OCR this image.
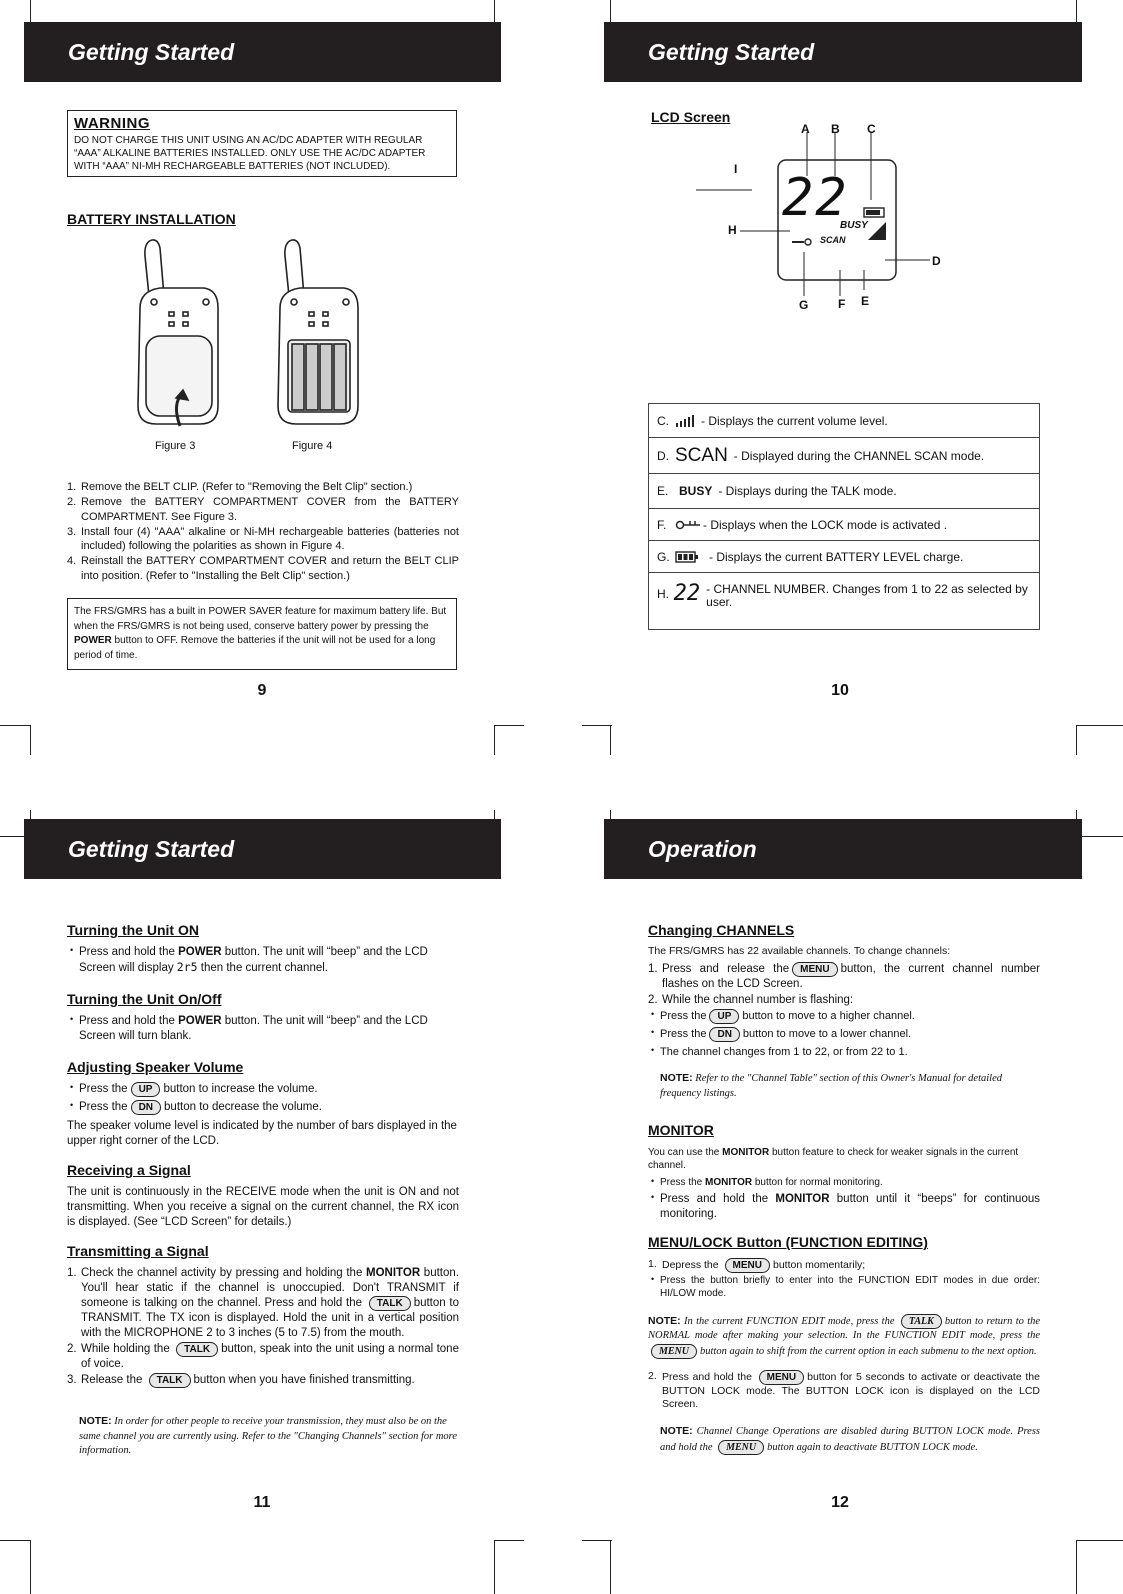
Getting Started
WARNING
DO NOT CHARGE THIS UNIT USING AN AC/DC ADAPTER WITH REGULAR “AAA” ALKALINE BATTERIES INSTALLED. ONLY USE THE AC/DC ADAPTER WITH “AAA” NI-MH RECHARGEABLE BATTERIES (NOT INCLUDED).
BATTERY INSTALLATION
Figure 3	Figure 4
1. Remove the BELT CLIP. (Refer to "Removing the Belt Clip" section.)
2. Remove the BATTERY COMPARTMENT COVER from the BATTERY COMPARTMENT. See Figure 3.
3. Install four (4) "AAA" alkaline or Ni-MH rechargeable batteries (batteries not included) following the polarities as shown in Figure 4.
4. Reinstall the BATTERY COMPARTMENT COVER and return the BELT CLIP into position. (Refer to "Installing the Belt Clip" section.)
The FRS/GMRS has a built in POWER SAVER feature for maximum battery life. But when the FRS/GMRS is not being used, conserve battery power by pressing the POWER button to OFF. Remove the batteries if the unit will not be used for a long period of time.
9
Getting Started
LCD Screen
22
BUSY
SCAN
A B C
I
H
D
G F E
C.	- Displays the current volume level.
D. SCAN - Displayed during the CHANNEL SCAN mode.
E. BUSY - Displays during the TALK mode.
F.	- Displays when the LOCK mode is activated .
G.	- Displays the current BATTERY LEVEL charge.
H. 22 - CHANNEL NUMBER. Changes from 1 to 22 as selected by user.
10
Getting Started
Turning the Unit ON
• Press and hold the POWER button. The unit will “beep” and the LCD Screen will display 2r5 then the current channel.
Turning the Unit On/Off
• Press and hold the POWER button. The unit will “beep” and the LCD Screen will turn blank.
Adjusting Speaker Volume
• Press the UP button to increase the volume.
• Press the DN button to decrease the volume.

The speaker volume level is indicated by the number of bars displayed in the upper right corner of the LCD.

Receiving a Signal

The unit is continuously in the RECEIVE mode when the unit is ON and not transmitting. When you receive a signal on the current channel, the RX icon is displayed. (See “LCD Screen” for details.)

Transmitting a Signal
1. Check the channel activity by pressing and holding the MONITOR button. You'll hear static if the channel is unoccupied. Don't TRANSMIT if someone is talking on the channel. Press and hold the TALK button to TRANSMIT. The TX icon is displayed. Hold the unit in a vertical position with the MICROPHONE 2 to 3 inches (5 to 7.5) from the mouth.
2. While holding the TALK button, speak into the unit using a normal tone of voice.
3. Release the TALK button when you have finished transmitting.
NOTE: In order for other people to receive your transmission, they must also be on the same channel you are currently using. Refer to the "Changing Channels" section for more information.
11
Operation
Changing CHANNELS

The FRS/GMRS has 22 available channels. To change channels:

1. Press and release the MENU button, the current channel number flashes on the LCD Screen.
2. While the channel number is flashing:
• Press the UP button to move to a higher channel.
• Press the DN button to move to a lower channel.
• The channel changes from 1 to 22, or from 22 to 1.
NOTE: Refer to the "Channel Table" section of this Owner's Manual for detailed frequency listings.
MONITOR

You can use the MONITOR button feature to check for weaker signals in the current channel.

• Press the MONITOR button for normal monitoring.
• Press and hold the MONITOR button until it “beeps” for continuous monitoring.
MENU/LOCK Button (FUNCTION EDITING)
1. Depress the MENU button momentarily;
• Press the button briefly to enter into the FUNCTION EDIT modes in due order: HI/LOW mode.
NOTE: In the current FUNCTION EDIT mode, press the TALK button to return to the NORMAL mode after making your selection. In the FUNCTION EDIT mode, press the MENU button again to shift from the current option in each submenu to the next option.
2. Press and hold the MENU button for 5 seconds to activate or deactivate the BUTTON LOCK mode. The BUTTON LOCK icon is displayed on the LCD Screen.
NOTE: Channel Change Operations are disabled during BUTTON LOCK mode. Press and hold the MENU button again to deactivate BUTTON LOCK mode.
12
